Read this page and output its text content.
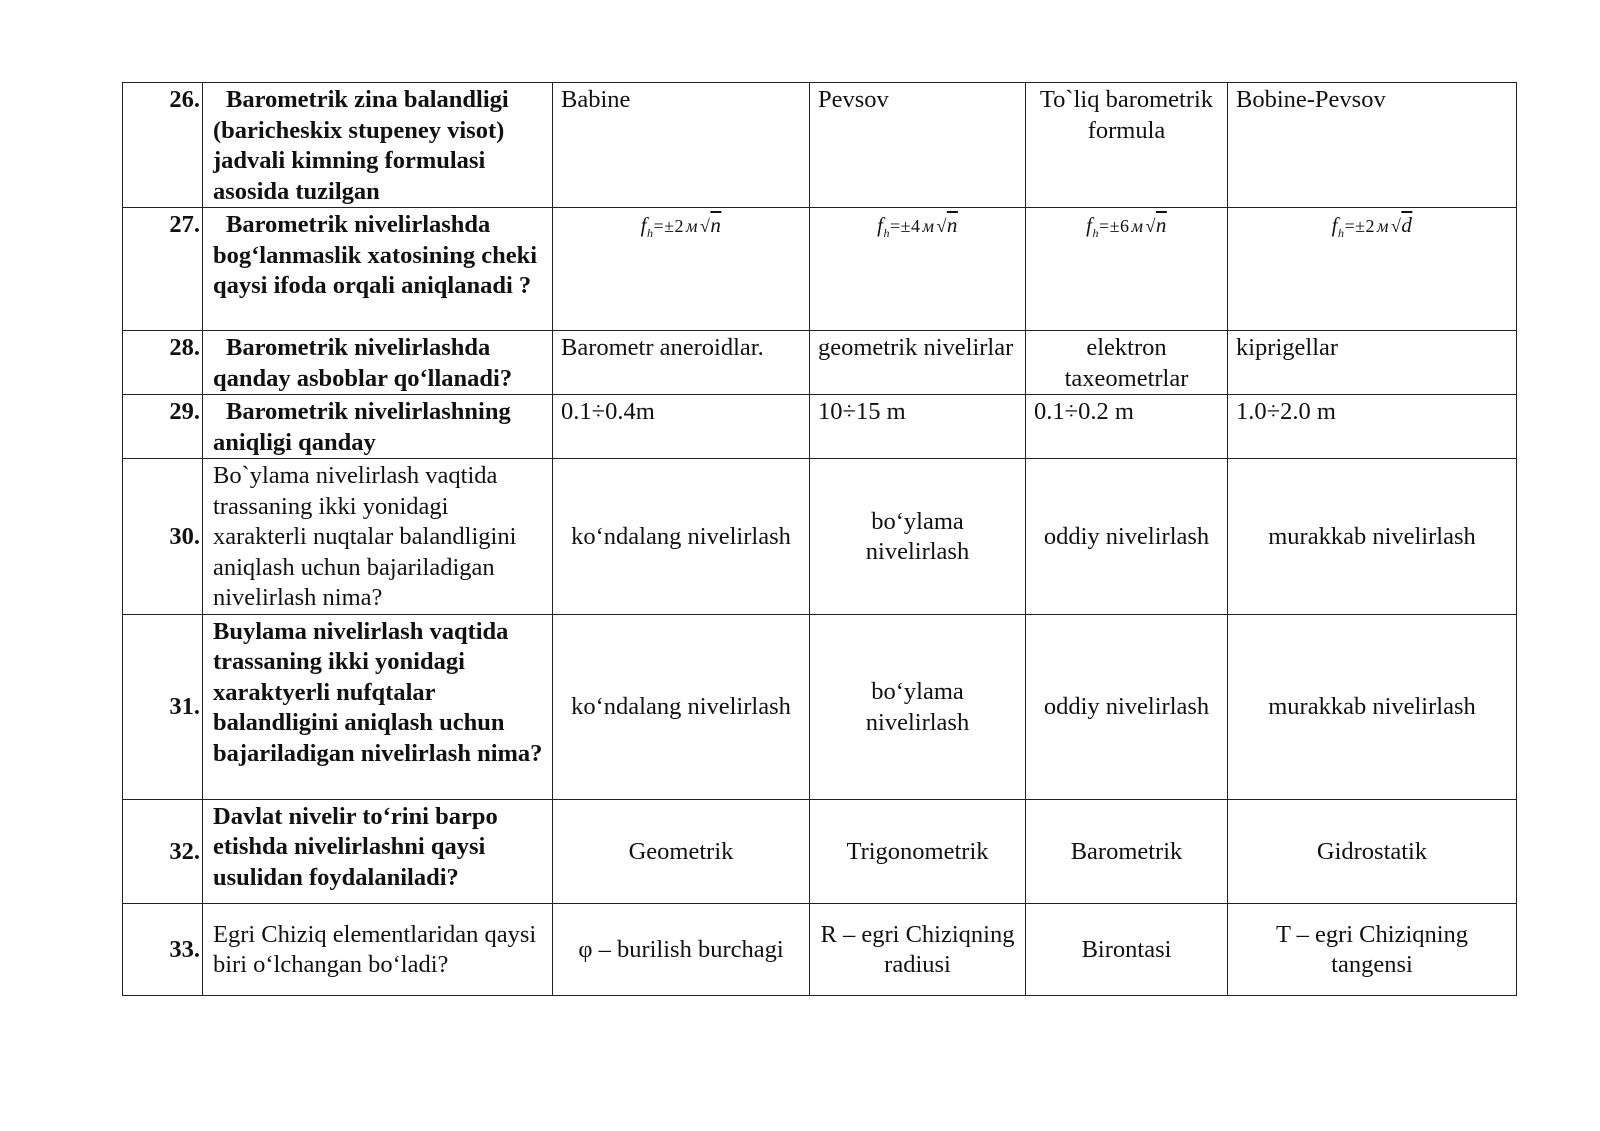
26.	Barometrik zina balandligi (baricheskix stupeney visot) jadvali kimning formulasi asosida tuzilgan	Babine	Pevsov	To`liq barometrik formula	Bobine-Pevsov
27.	Barometrik nivelirlashda bog‘lanmaslik xatosining cheki qaysi ifoda orqali aniqlanadi ?	$f_h=\pm 2$ м √n	$f_h=\pm 4$ м √n	$f_h=\pm 6$ м √n	$f_h=\pm 2$ м √d
28.	Barometrik nivelirlashda qanday asboblar qo‘llanadi?	Barometr aneroidlar.	geometrik nivelirlar	elektron taxeometrlar	kiprigellar
29.	Barometrik nivelirlashning aniqligi qanday	0.1÷0.4m	10÷15 m	0.1÷0.2 m	1.0÷2.0 m
30.	Bo`ylama nivelirlash vaqtida trassaning ikki yonidagi xarakterli nuqtalar balandligini aniqlash uchun bajariladigan nivelirlash nima?	ko‘ndalang nivelirlash	bo‘ylama nivelirlash	oddiy nivelirlash	murakkab nivelirlash
31.	Buylama nivelirlash vaqtida trassaning ikki yonidagi xaraktyerli nufqtalar balandligini aniqlash uchun bajariladigan nivelirlash nima?	ko‘ndalang nivelirlash	bo‘ylama nivelirlash	oddiy nivelirlash	murakkab nivelirlash
32.	Davlat nivelir to‘rini barpo etishda nivelirlashni qaysi usulidan foydalaniladi?	Geometrik	Trigonometrik	Barometrik	Gidrostatik
33.	Egri Chiziq elementlaridan qaysi biri o‘lchangan bo‘ladi?	φ – burilish burchagi	R – egri Chiziqning radiusi	Birontasi	T – egri Chiziqning tangensi
